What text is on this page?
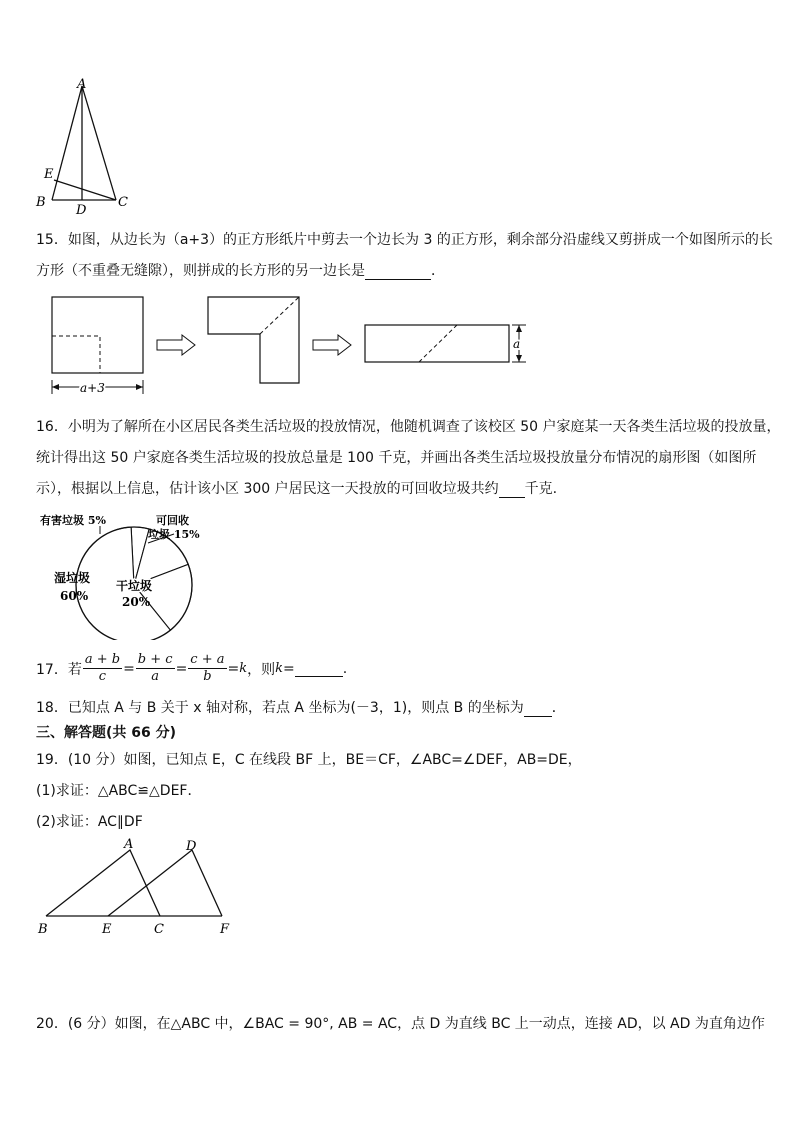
A
E
B
D
C
15．如图，从边长为（a+3）的正方形纸片中剪去一个边长为 3 的正方形，剩余部分沿虚线又剪拼成一个如图所示的长
方形（不重叠无缝隙），则拼成的长方形的另一边长是	．
a+3
a
16．小明为了解所在小区居民各类生活垃圾的投放情况，他随机调查了该校区 50 户家庭某一天各类生活垃圾的投放量，
统计得出这 50 户家庭各类生活垃圾的投放总量是 100 千克，并画出各类生活垃圾投放量分布情况的扇形图（如图所
示），根据以上信息，估计该小区 300 户居民这一天投放的可回收垃圾共约 千克.
有害垃圾 5%	可回收
垃圾 15%
干垃圾
20%
湿垃圾
60%
17．若 $\frac{a + b}{c} = \frac{b + c}{a} = \frac{c + a}{b} = k$ ，则 k =
	.
18．已知点 A 与 B 关于 x 轴对称，若点 A 坐标为(－3，1)，则点 B 的坐标为 ．
三、解答题(共 66 分)
19．(10 分）如图，已知点 E，C 在线段 BF 上，BE＝CF，∠ABC=∠DEF，AB=DE，
(1)求证：△ABC≌△DEF．
(2)求证：AC∥DF
A	D
B	E	C	F
20．(6 分）如图，在△ABC 中，∠BAC = 90°, AB = AC，点 D 为直线 BC 上一动点，连接 AD，以 AD 为直角边作
